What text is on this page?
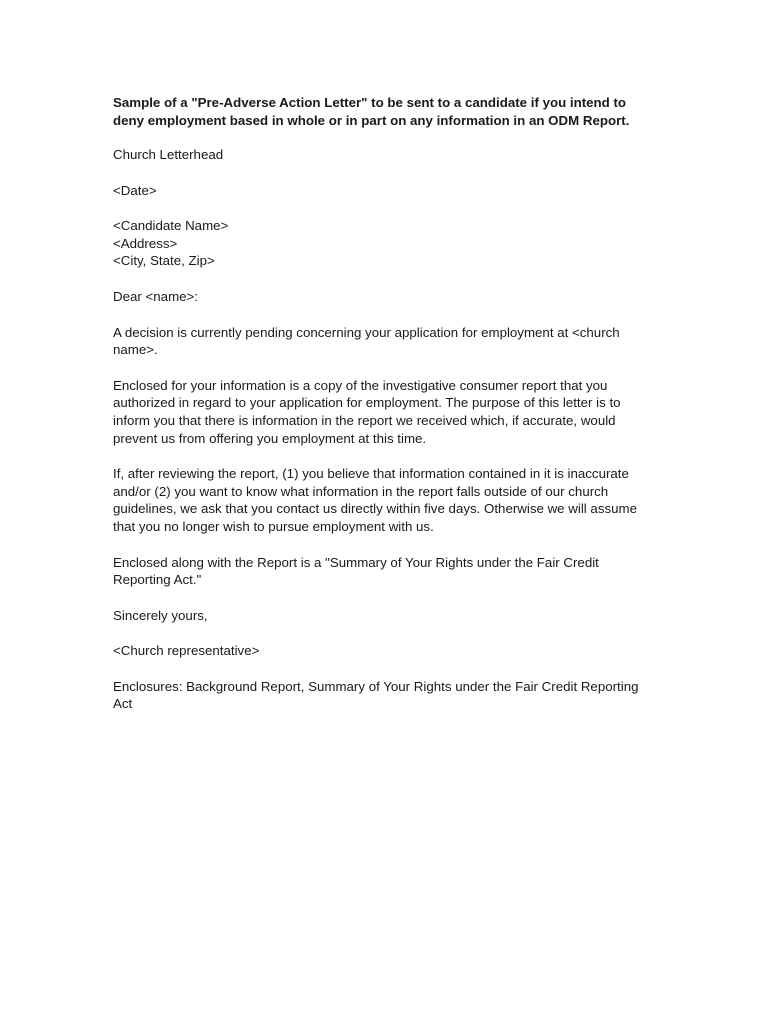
Sample of a "Pre-Adverse Action Letter" to be sent to a candidate if you intend to
deny employment based in whole or in part on any information in an ODM Report.
Church Letterhead
<Date>
<Candidate Name>
<Address>
<City, State, Zip>
Dear <name>:
A decision is currently pending concerning your application for employment at <church
name>.
Enclosed for your information is a copy of the investigative consumer report that you
authorized in regard to your application for employment. The purpose of this letter is to
inform you that there is information in the report we received which, if accurate, would
prevent us from offering you employment at this time.
If, after reviewing the report, (1) you believe that information contained in it is inaccurate
and/or (2) you want to know what information in the report falls outside of our church
guidelines, we ask that you contact us directly within five days. Otherwise we will assume
that you no longer wish to pursue employment with us.
Enclosed along with the Report is a "Summary of Your Rights under the Fair Credit
Reporting Act."
Sincerely yours,
<Church representative>
Enclosures: Background Report, Summary of Your Rights under the Fair Credit Reporting
Act
